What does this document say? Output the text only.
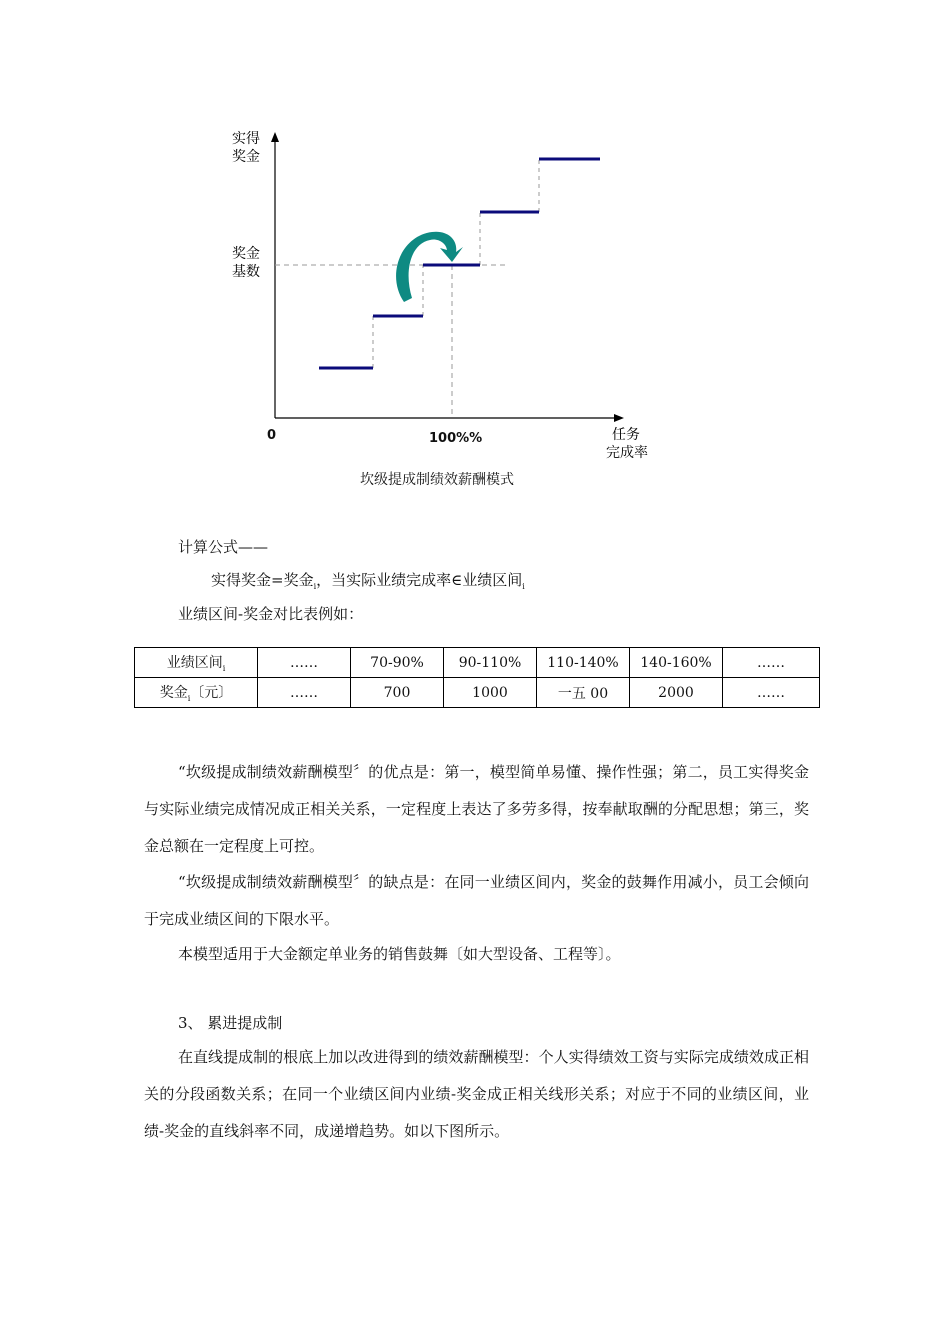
实得
奖金
奖金
基数
0	100%%	任务
完成率
坎级提成制绩效薪酬模式
计算公式——
实得奖金=奖金$_i$，当实际业绩完成率∈业绩区间$_i$
业绩区间-奖金对比表例如：
业绩区间$_i$	……	70-90%	90-110%	110-140%	140-160%	……
奖金$_i$〔元〕	……	700	1000	一五 00	2000	……
“坎级提成制绩效薪酬模型〞的优点是：第一，模型简单易懂、操作性强；第二，员工实得奖金与实际业绩完成情况成正相关关系，一定程度上表达了多劳多得，按奉献取酬的分配思想；第三，奖金总额在一定程度上可控。
“坎级提成制绩效薪酬模型〞的缺点是：在同一业绩区间内，奖金的鼓舞作用减小，员工会倾向于完成业绩区间的下限水平。
本模型适用于大金额定单业务的销售鼓舞〔如大型设备、工程等〕。
3、 累进提成制
在直线提成制的根底上加以改进得到的绩效薪酬模型：个人实得绩效工资与实际完成绩效成正相关的分段函数关系；在同一个业绩区间内业绩-奖金成正相关线形关系；对应于不同的业绩区间，业绩-奖金的直线斜率不同，成递增趋势。如以下图所示。
